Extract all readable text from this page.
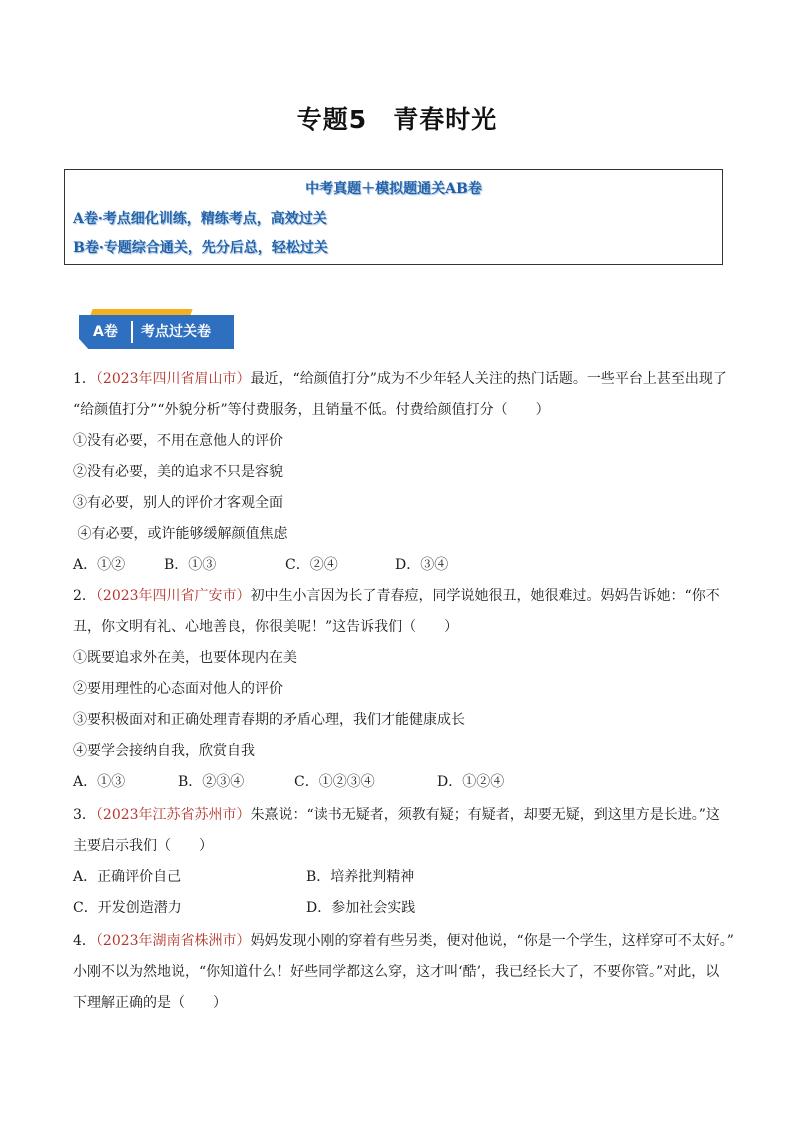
专题5　青春时光
中考真题＋模拟题通关AB卷
A卷·考点细化训练，精练考点，高效过关
B卷·专题综合通关，先分后总，轻松过关
A卷 考点过关卷
1．（2023年四川省眉山市）最近，“给颜值打分”成为不少年轻人关注的热门话题。一些平台上甚至出现了
“给颜值打分”“外貌分析”等付费服务，且销量不低。付费给颜值打分（　　）
①没有必要，不用在意他人的评价
②没有必要，美的追求不只是容貌
③有必要，别人的评价才客观全面
④有必要，或许能够缓解颜值焦虑
A．①②	B．①③	C．②④	D．③④
2．（2023年四川省广安市）初中生小言因为长了青春痘，同学说她很丑，她很难过。妈妈告诉她：“你不
丑，你文明有礼、心地善良，你很美呢！”这告诉我们（　　）
①既要追求外在美，也要体现内在美
②要用理性的心态面对他人的评价
③要积极面对和正确处理青春期的矛盾心理，我们才能健康成长
④要学会接纳自我，欣赏自我
A．①③	B．②③④	C．①②③④	D．①②④
3．（2023年江苏省苏州市）朱熹说：“读书无疑者，须教有疑；有疑者，却要无疑，到这里方是长进。”这
主要启示我们（　　）
A．正确评价自己	B．培养批判精神
C．开发创造潜力	D．参加社会实践
4．（2023年湖南省株洲市）妈妈发现小刚的穿着有些另类，便对他说，“你是一个学生，这样穿可不太好。”
小刚不以为然地说，“你知道什么！好些同学都这么穿，这才叫‘酷’，我已经长大了，不要你管。”对此，以
下理解正确的是（　　）
